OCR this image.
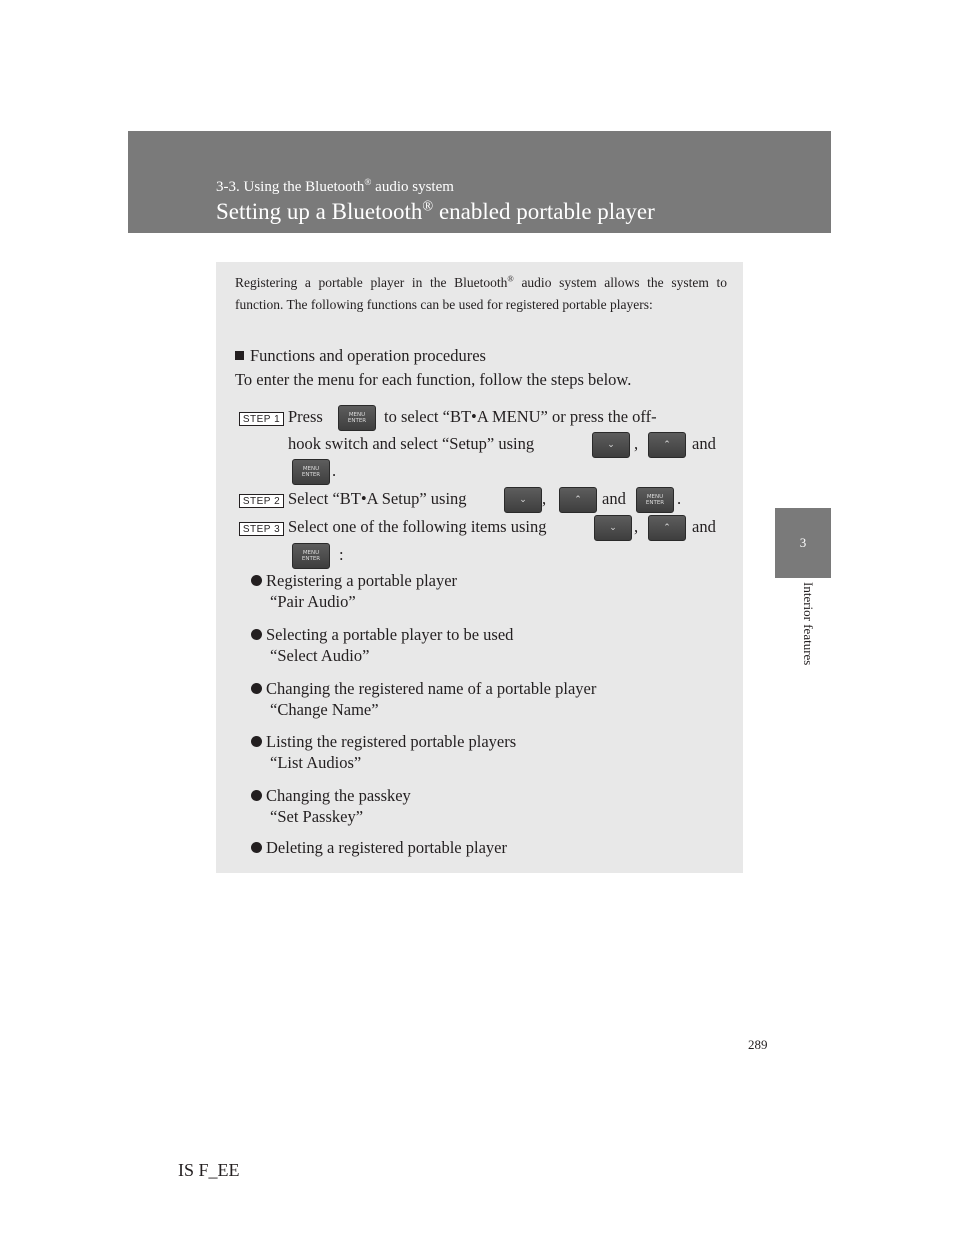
3-3. Using the Bluetooth® audio system
Setting up a Bluetooth® enabled portable player
3
Interior features
Registering a portable player in the Bluetooth® audio system allows the system to function. The following functions can be used for registered portable players:
Functions and operation procedures
To enter the menu for each function, follow the steps below.
STEP 1 Press	MENU ENTER	to select “BT•A MENU” or press the off-
hook switch and select “Setup” using	⌄	,	⌃	and
MENU ENTER .
STEP 2 Select “BT•A Setup” using	⌄ ,	⌃	and	MENU ENTER .
STEP 3 Select one of the following items using	⌄	,	⌃	and
MENU ENTER	:
Registering a portable player
“Pair Audio”
Selecting a portable player to be used
“Select Audio”
Changing the registered name of a portable player
“Change Name”
Listing the registered portable players
“List Audios”
Changing the passkey
“Set Passkey”
Deleting a registered portable player
289
IS F_EE
